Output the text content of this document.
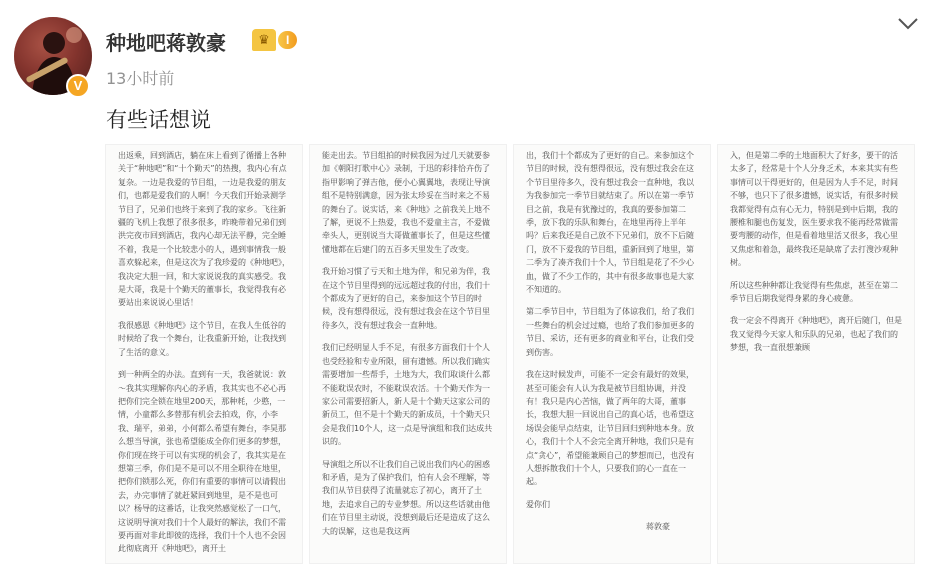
V
种地吧蒋敦豪	♛	I
13小时前
有些话想说

出返乘，回到酒店，躺在床上看到了循播上各种关于“种地吧”和“十个勤天”的热搜，我内心有点复杂。一边是我爱的节目组，一边是我爱的朋友们，也都是爱我们的人啊！今天我们开始录测学节目了，兄弟们也终于来到了我的家乡。飞往新疆的飞机上我想了很多很多，昨晚带着兄弟们到洪完夜市回到酒店，我内心却无法平静，完全睡不着，我是一个比较悲小的人，遇到事情我一般喜欢躲起来，但是这次为了我珍爱的《种地吧》，我决定大胆一回，和大家说说我的真实感受。我是大哥，我是十个勤天的董事长，我觉得我有必要站出来说说心里话！

我很感恩《种地吧》这个节目，在我人生低谷的时候给了我一个舞台，让我重新开始，让我找到了生活的意义。

到一种两全的办法。直到有一天，我爸就说：敦～我其实理解你内心的矛盾，我其实也不必心再把你们完全锁在地里200天，那种耗，少憨，一情，小童都么多替那有机会去拍戏，你，小李我、瑞平，弟弟，小何都么希望有舞台，李昊那么想当导演，张也希望能成全你们更多的梦想，你们现在终于可以有实现的机会了，我其实是在想第三季，你们是不是可以不用全职待在地里，把你们锁那么死，你们有重要的事情可以请假出去，办完事情了就赶紧回到地里，是不是也可以？杨导的这番话，让我突然感觉松了一口气，这说明导演对我们十个人最好的解法，我们不需要再面对非此即彼的选择，我们十个人也不会因此彻底离开《种地吧》，离开土

能走出去。节目组拍的时候我因为过几天就要参加《朝阳打歌中心》录制，于迅的彩排恰卉伤了指甲影响了弹吉他，便小心翼翼地，表现让导演组不是特别满意，因为张太珍妥在当时来之不易的舞台了。说实话，来《种地》之前我关上地不了解，更说不上热爱，我也不爱童主言，不爱做牵头人，更别说当大哥做董事长了，但是这些懂懂地都在后建门的五百多天里发生了改变。

我开始习惯了亏天和土地为伴，和兄弟为伴，我在这个节目里得到的远远超过我的付出，我们十个都成为了更好的自己，来参加这个节目的时候，没有想得很远，没有想过我会在这个节目里待多久，没有想过我会一直种地。

我们已经明显人手不足，有很多方面我们十个人也受经验和专业所限，留有遗憾。所以我们确实需要增加一些帮手，土地为大，我们取谈什么都不能耽误农时，不能耽误农活。十个勤天作为一家公司需要招新人，新人是十个勤天这家公司的新员工，但不是十个勤天的新成员，十个勤天只会是我们10个人，这一点是导演组和我们达成共识的。

导演组之所以不让我们自己说出我们内心的困惑和矛盾，是为了保护我们，怕有人会不理解，等我们从节目获得了流量就忘了初心，离开了土地，去追求自己的专业梦想。所以这些话就由他们在节目里主动说，没想到最后还是造成了这么大的误解，这也是我这两

出，我们十个都成为了更好的自己。来参加这个节目的时候，没有想得很远，没有想过我会在这个节目里待多久，没有想过我会一直种地，我以为我参加完一季节目就结束了。所以在第一季节目之前，我是有犹豫过的，我真的要参加第二季，放下我的乐队和舞台，在地里再待上半年吗？后来我还是自己放不下兄弟们，放不下后随门，放不下爱我的节目组，重新回到了地里，第二季为了凑齐我们十个人，节目组是花了不少心血，做了不少工作的，其中有很多故事也是大家不知道的。

第二季节目中，节目组为了体谅我们，给了我们一些舞台的机会过过瘾，也给了我们参加更多的节目、采访，还有更多的商业和平台，让我们受到伤害。

我在这时候发声，可能不一定会有最好的效果，甚至可能会有人认为我是被节目组协调，并没有！我只是内心苦恼，做了两年的大哥，董事长，我想大胆一回说出自己的真心话，也希望这场误会能早点结束，让节目回归到种地本身。放心，我们十个人不会完全离开种地，我们只是有点“贪心”，希望能兼顾自己的梦想而已，也没有人想拆散我们十个人，只要我们的心一直在一起。

爱你们

蒋敦豪

入，但是第二季的土地面积大了好多，要干的活太多了，经常是十个人分身乏术，本来其实有些事情可以干得更好的，但是因为人手不足，时间不够，也只下了很多遗憾，说实话，有很多时候我都觉得有点有心无力，特别是到中后期，我的腰椎和腿也伤复发，医生要求我不能再经常做需要弯腰的动作，但是看着地里活又很多，我心里又焦虑和着急，最终我还是缺席了去打溲沙观种树。

所以这些种种都让我觉得有些焦虑，甚至在第二季节目后期我觉得身累的身心疲惫。

我一定会不得离开《种地吧》，离开后随门，但是我又觉得今天家人和乐队的兄弟，也起了我们的梦想，我一直很想兼顾
